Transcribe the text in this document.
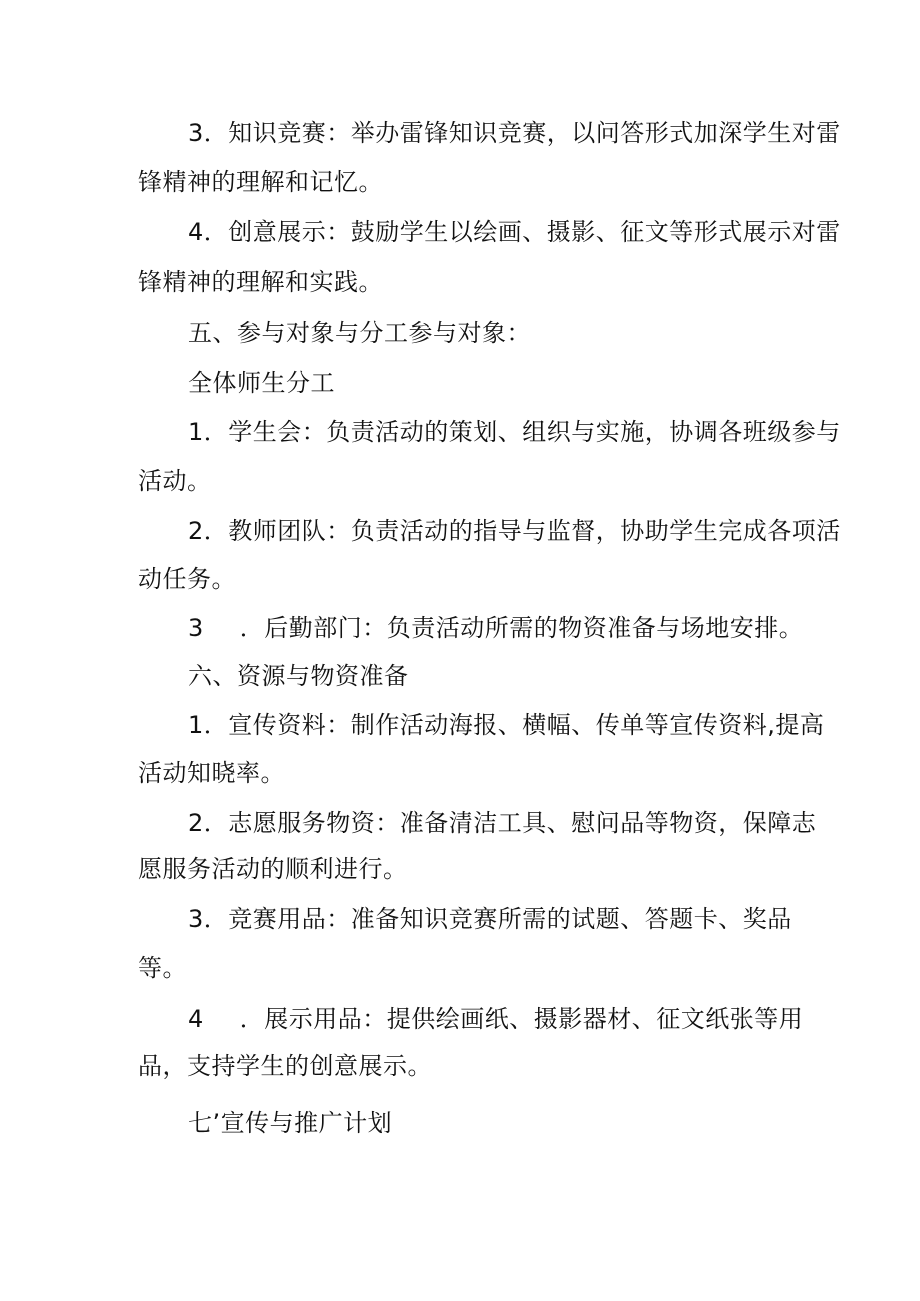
3．知识竞赛：举办雷锋知识竞赛，以问答形式加深学生对雷
锋精神的理解和记忆。
4．创意展示：鼓励学生以绘画、摄影、征文等形式展示对雷
锋精神的理解和实践。
五、参与对象与分工参与对象：
全体师生分工
1．学生会：负责活动的策划、组织与实施，协调各班级参与
活动。
2．教师团队：负责活动的指导与监督，协助学生完成各项活
动任务。
3 ．后勤部门：负责活动所需的物资准备与场地安排。
六、资源与物资准备
1．宣传资料：制作活动海报、横幅、传单等宣传资料,提高
活动知晓率。
2．志愿服务物资：准备清洁工具、慰问品等物资，保障志
愿服务活动的顺利进行。
3．竞赛用品：准备知识竞赛所需的试题、答题卡、奖品
等。
4 ．展示用品：提供绘画纸、摄影器材、征文纸张等用
品，支持学生的创意展示。
七’宣传与推广计划
